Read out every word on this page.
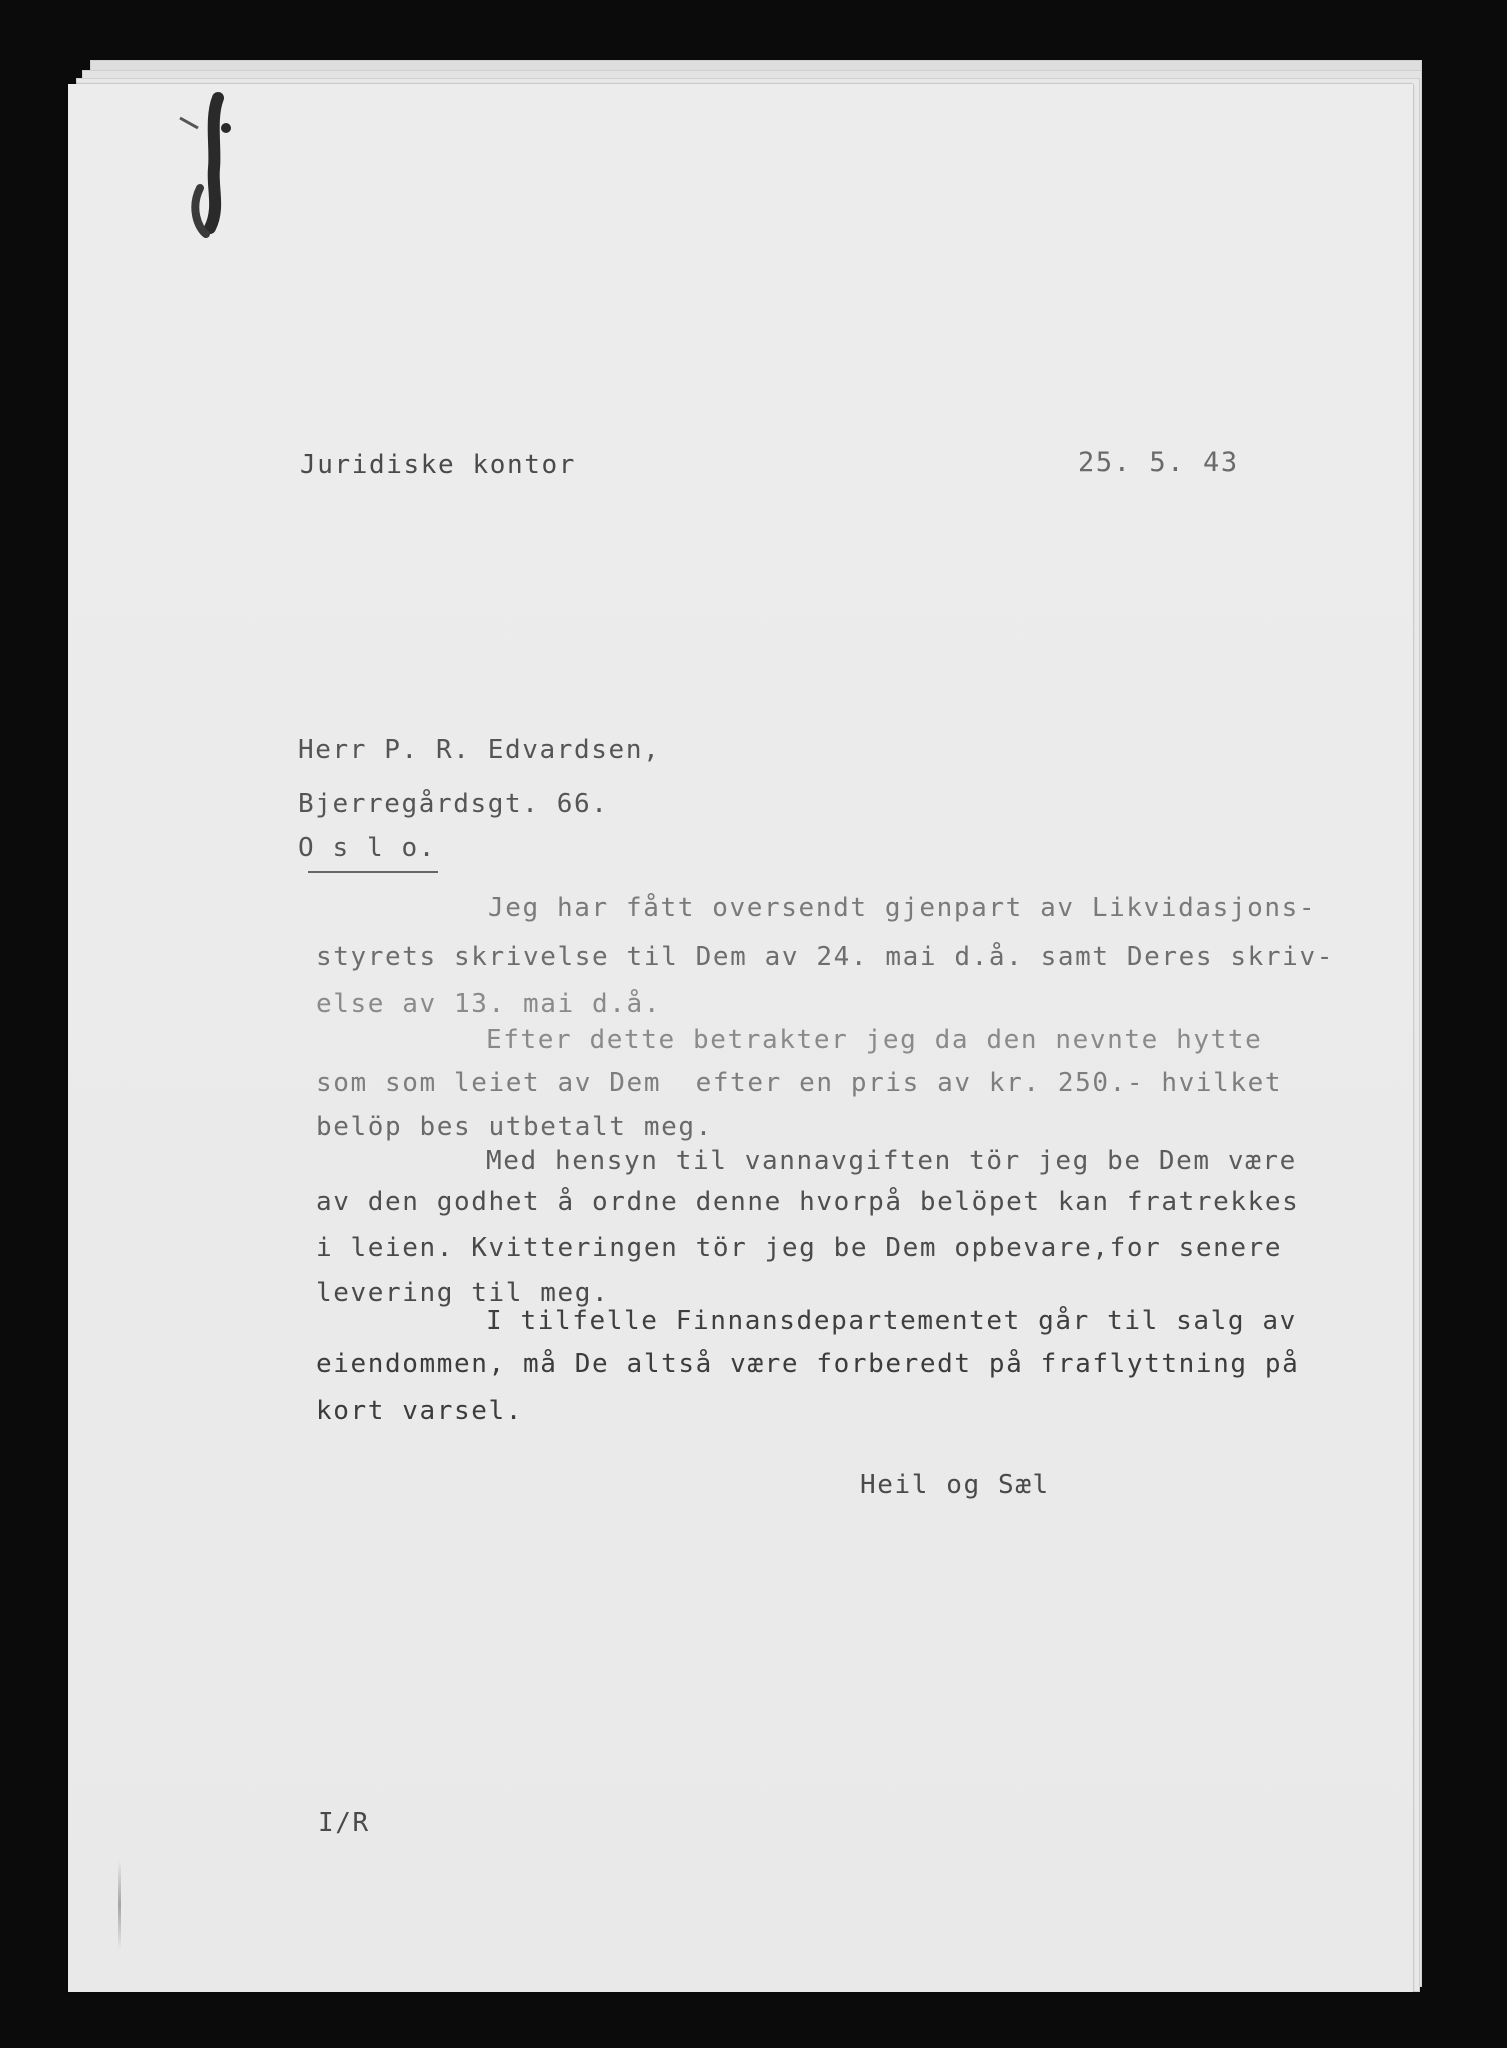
Juridiske kontor	25. 5. 43
Herr P. R. Edvardsen,
Bjerregårdsgt. 66.
O s l o.
Jeg har fått oversendt gjenpart av Likvidasjons-
styrets skrivelse til Dem av 24. mai d.å. samt Deres skriv-
else av 13. mai d.å.
Efter dette betrakter jeg da den nevnte hytte
som som leiet av Dem  efter en pris av kr. 250.- hvilket
belöp bes utbetalt meg.
Med hensyn til vannavgiften tör jeg be Dem være
av den godhet å ordne denne hvorpå belöpet kan fratrekkes
i leien. Kvitteringen tör jeg be Dem opbevare,for senere
levering til meg.
I tilfelle Finnansdepartementet går til salg av
eiendommen, må De altså være forberedt på fraflyttning på
kort varsel.
Heil og Sæl
I/R
